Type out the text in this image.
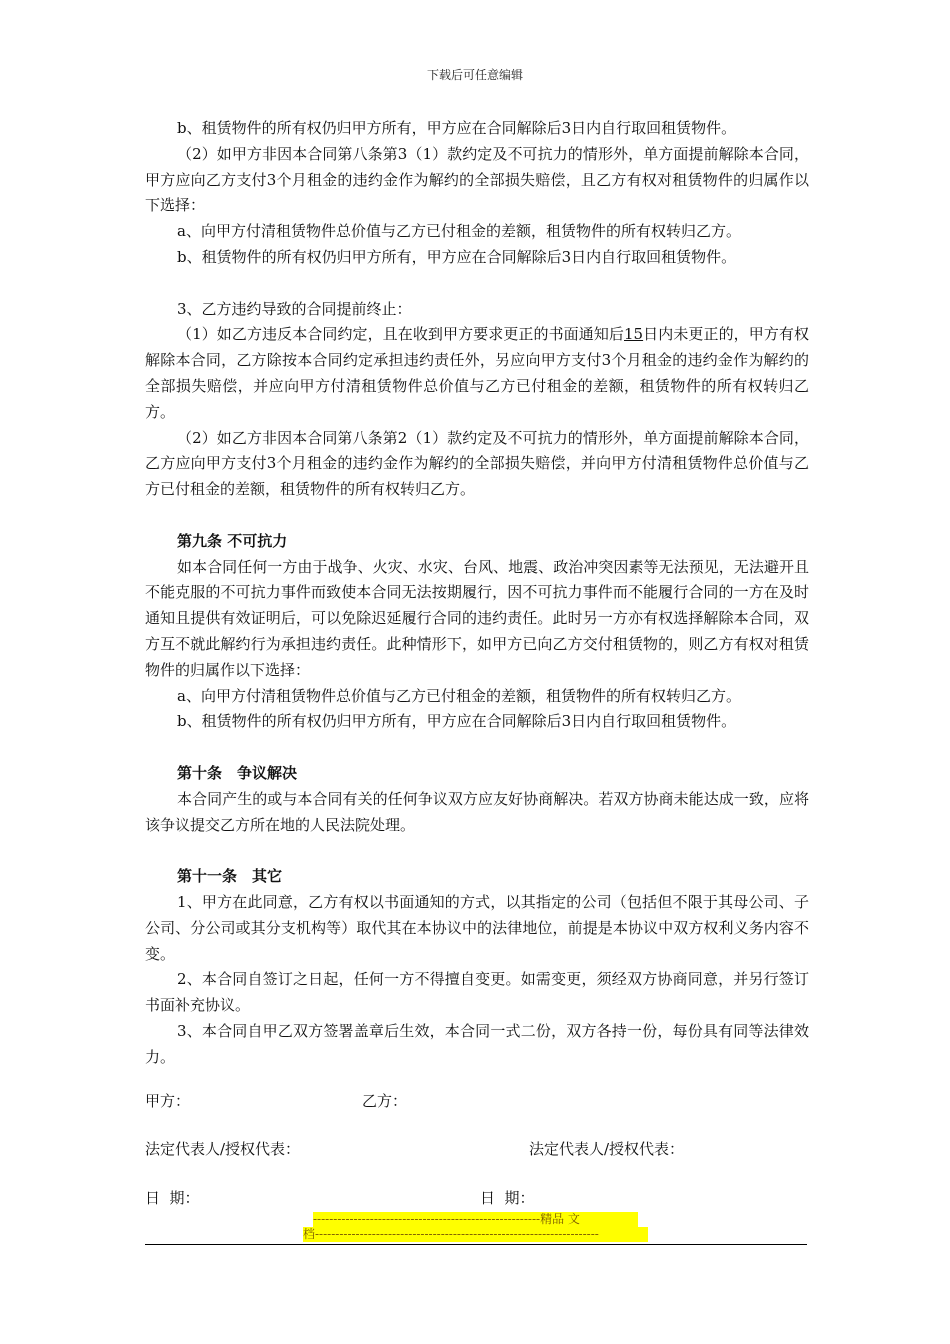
下载后可任意编辑

b、租赁物件的所有权仍归甲方所有，甲方应在合同解除后3日内自行取回租赁物件。

（2）如甲方非因本合同第八条第3（1）款约定及不可抗力的情形外，单方面提前解除本合同，甲方应向乙方支付3个月租金的违约金作为解约的全部损失赔偿，且乙方有权对租赁物件的归属作以下选择：

a、向甲方付清租赁物件总价值与乙方已付租金的差额，租赁物件的所有权转归乙方。

b、租赁物件的所有权仍归甲方所有，甲方应在合同解除后3日内自行取回租赁物件。

3、乙方违约导致的合同提前终止：

（1）如乙方违反本合同约定，且在收到甲方要求更正的书面通知后15日内未更正的，甲方有权解除本合同，乙方除按本合同约定承担违约责任外，另应向甲方支付3个月租金的违约金作为解约的全部损失赔偿，并应向甲方付清租赁物件总价值与乙方已付租金的差额，租赁物件的所有权转归乙方。

（2）如乙方非因本合同第八条第2（1）款约定及不可抗力的情形外，单方面提前解除本合同，乙方应向甲方支付3个月租金的违约金作为解约的全部损失赔偿，并向甲方付清租赁物件总价值与乙方已付租金的差额，租赁物件的所有权转归乙方。

第九条 不可抗力

如本合同任何一方由于战争、火灾、水灾、台风、地震、政治冲突因素等无法预见，无法避开且不能克服的不可抗力事件而致使本合同无法按期履行，因不可抗力事件而不能履行合同的一方在及时通知且提供有效证明后，可以免除迟延履行合同的违约责任。此时另一方亦有权选择解除本合同，双方互不就此解约行为承担违约责任。此种情形下，如甲方已向乙方交付租赁物的，则乙方有权对租赁物件的归属作以下选择：

a、向甲方付清租赁物件总价值与乙方已付租金的差额，租赁物件的所有权转归乙方。

b、租赁物件的所有权仍归甲方所有，甲方应在合同解除后3日内自行取回租赁物件。

第十条　争议解决

本合同产生的或与本合同有关的任何争议双方应友好协商解决。若双方协商未能达成一致，应将该争议提交乙方所在地的人民法院处理。

第十一条　其它

1、甲方在此同意，乙方有权以书面通知的方式，以其指定的公司（包括但不限于其母公司、子公司、分公司或其分支机构等）取代其在本协议中的法律地位，前提是本协议中双方权利义务内容不变。

2、本合同自签订之日起，任何一方不得擅自变更。如需变更，须经双方协商同意，并另行签订书面补充协议。

3、本合同自甲乙双方签署盖章后生效，本合同一式二份，双方各持一份，每份具有同等法律效力。

甲方：	乙方：
法定代表人/授权代表：	法定代表人/授权代表：
日  期：	日  期：
--------------------------------------------------------精品 文
档----------------------------------------------------------------------
